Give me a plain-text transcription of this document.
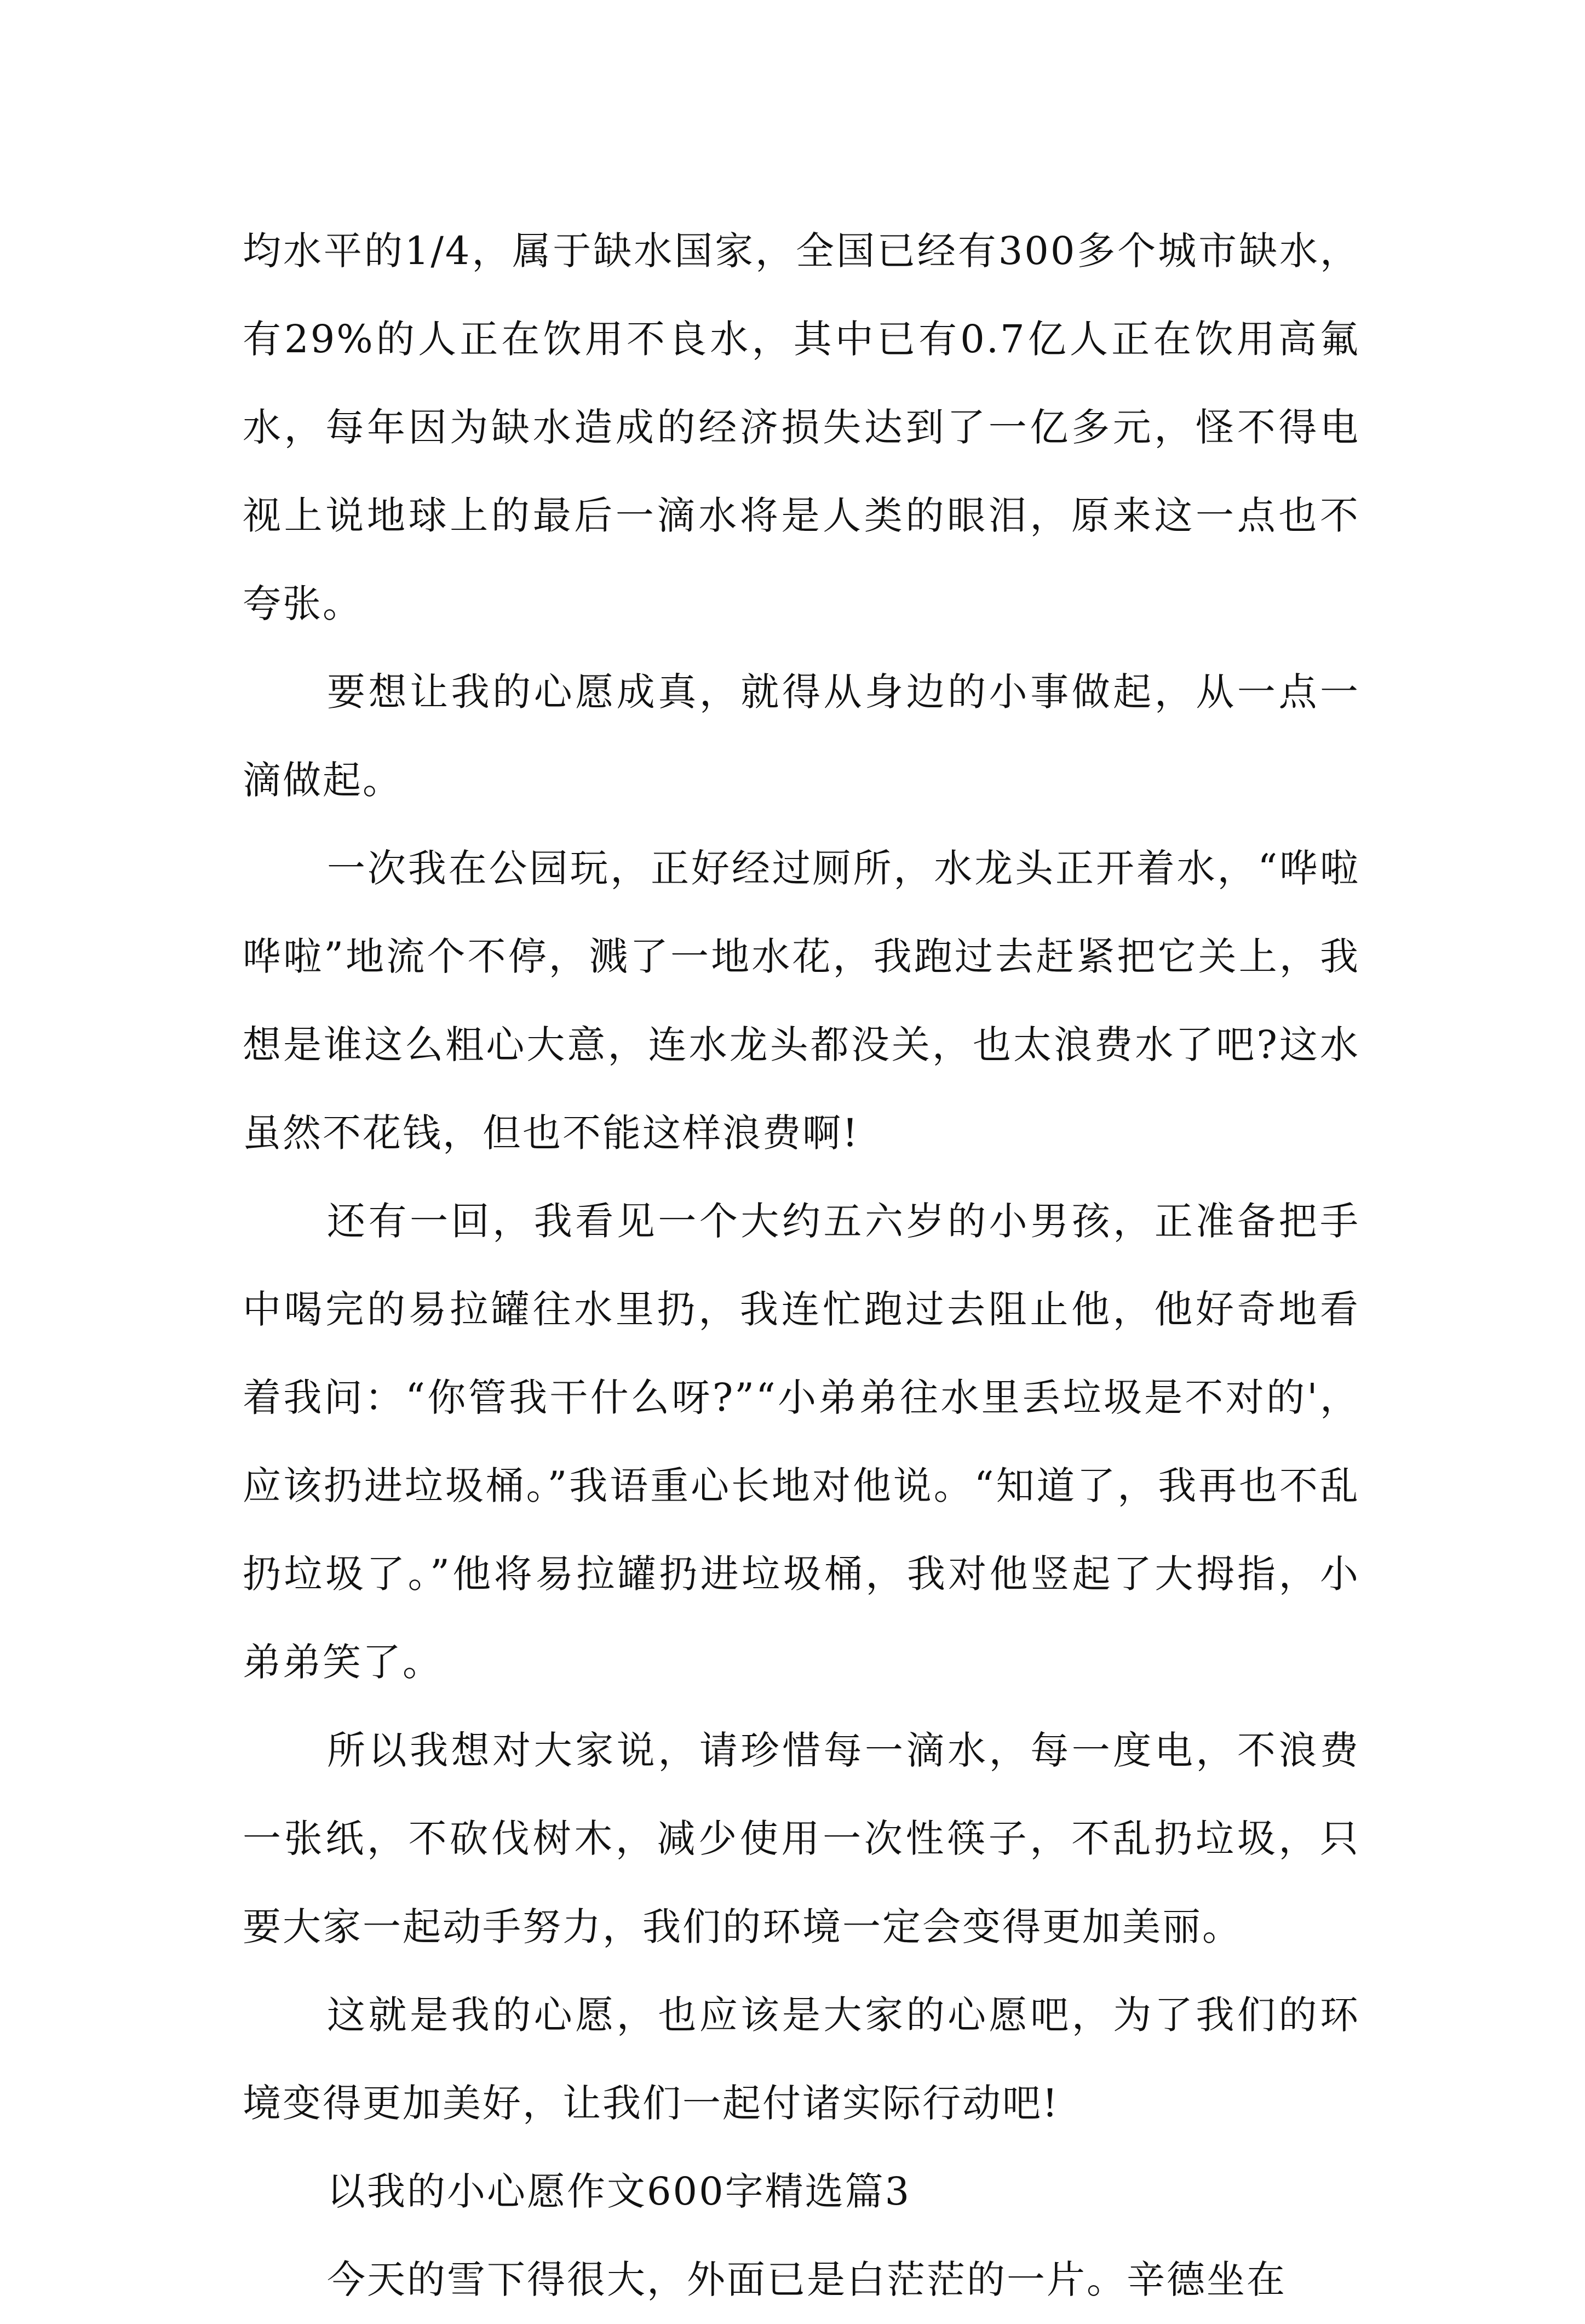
均水平的1/4，属于缺水国家，全国已经有300多个城市缺水，有29%的人正在饮用不良水，其中已有0.7亿人正在饮用高氟水，每年因为缺水造成的经济损失达到了一亿多元，怪不得电视上说地球上的最后一滴水将是人类的眼泪，原来这一点也不夸张。

要想让我的心愿成真，就得从身边的小事做起，从一点一滴做起。

一次我在公园玩，正好经过厕所，水龙头正开着水，“哗啦哗啦”地流个不停，溅了一地水花，我跑过去赶紧把它关上，我想是谁这么粗心大意，连水龙头都没关，也太浪费水了吧?这水虽然不花钱，但也不能这样浪费啊!

还有一回，我看见一个大约五六岁的小男孩，正准备把手中喝完的易拉罐往水里扔，我连忙跑过去阻止他，他好奇地看着我问：“你管我干什么呀?”“小弟弟往水里丢垃圾是不对的'，应该扔进垃圾桶。”我语重心长地对他说。“知道了，我再也不乱扔垃圾了。”他将易拉罐扔进垃圾桶，我对他竖起了大拇指，小弟弟笑了。

所以我想对大家说，请珍惜每一滴水，每一度电，不浪费一张纸，不砍伐树木，减少使用一次性筷子，不乱扔垃圾，只要大家一起动手努力，我们的环境一定会变得更加美丽。

这就是我的心愿，也应该是大家的心愿吧，为了我们的环境变得更加美好，让我们一起付诸实际行动吧!

以我的小心愿作文600字精选篇3

今天的雪下得很大，外面已是白茫茫的一片。辛德坐在
